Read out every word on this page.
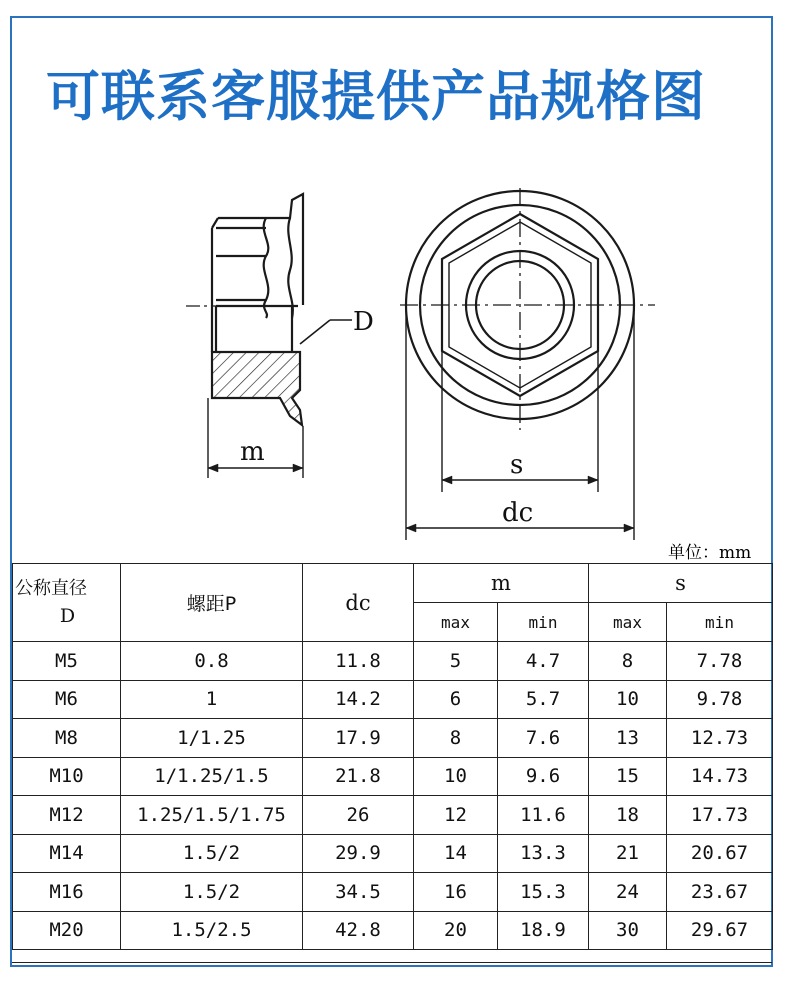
可联系客服提供产品规格图
D
m	s
dc
单位：mm
公称直径
D	螺距P	dc	m		s	
			max	min	max	min
M5	0.8	11.8	5	4.7	8	7.78
M6	1	14.2	6	5.7	10	9.78
M8	1/1.25	17.9	8	7.6	13	12.73
M10	1/1.25/1.5	21.8	10	9.6	15	14.73
M12	1.25/1.5/1.75	26	12	11.6	18	17.73
M14	1.5/2	29.9	14	13.3	21	20.67
M16	1.5/2	34.5	16	15.3	24	23.67
M20	1.5/2.5	42.8	20	18.9	30	29.67
